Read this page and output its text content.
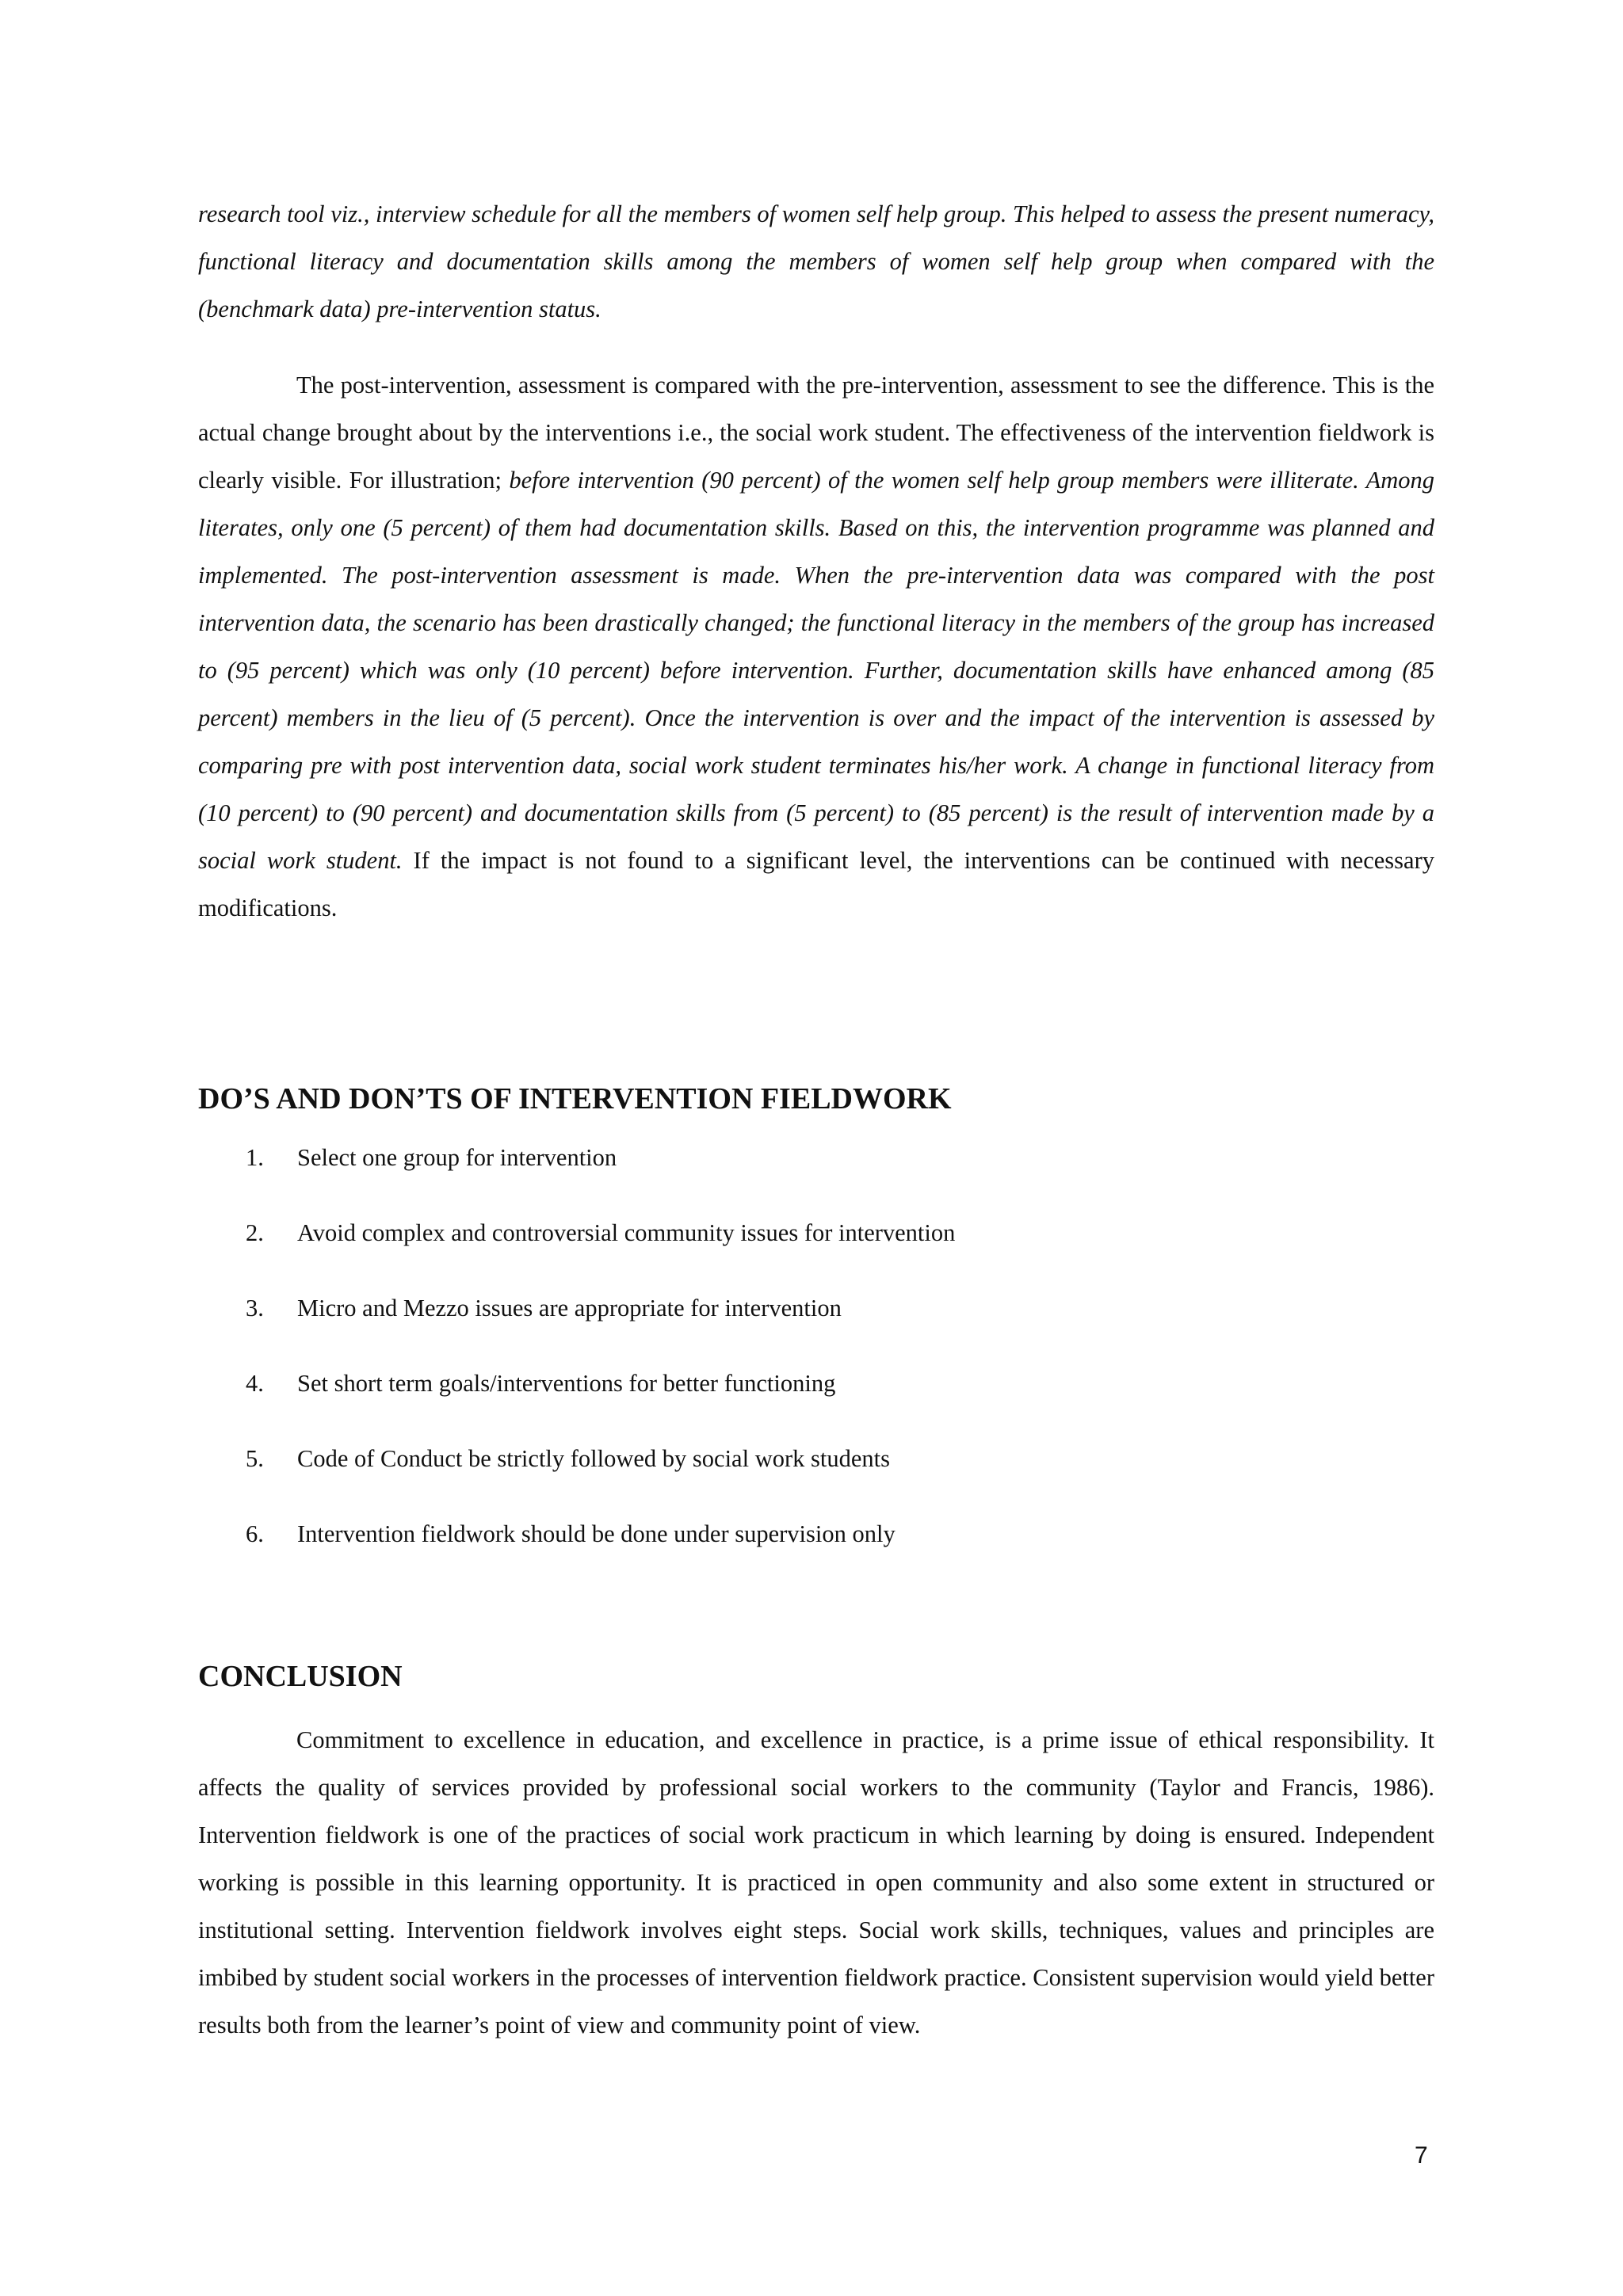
research tool viz., interview schedule for all the members of women self help group. This helped to assess the present numeracy, functional literacy and documentation skills among the members of women self help group when compared with the (benchmark data) pre-intervention status.

The post-intervention, assessment is compared with the pre-intervention, assessment to see the difference. This is the actual change brought about by the interventions i.e., the social work student. The effectiveness of the intervention fieldwork is clearly visible. For illustration; before intervention (90 percent) of the women self help group members were illiterate. Among literates, only one (5 percent) of them had documentation skills. Based on this, the intervention programme was planned and implemented. The post-intervention assessment is made. When the pre-intervention data was compared with the post intervention data, the scenario has been drastically changed; the functional literacy in the members of the group has increased to (95 percent) which was only (10 percent) before intervention. Further, documentation skills have enhanced among (85 percent) members in the lieu of (5 percent). Once the intervention is over and the impact of the intervention is assessed by comparing pre with post intervention data, social work student terminates his/her work. A change in functional literacy from (10 percent) to (90 percent) and documentation skills from (5 percent) to (85 percent) is the result of intervention made by a social work student. If the impact is not found to a significant level, the interventions can be continued with necessary modifications.

DO’S AND DON’TS OF INTERVENTION FIELDWORK
1. Select one group for intervention
2. Avoid complex and controversial community issues for intervention
3. Micro and Mezzo issues are appropriate for intervention
4. Set short term goals/interventions for better functioning
5. Code of Conduct be strictly followed by social work students
6. Intervention fieldwork should be done under supervision only
CONCLUSION

Commitment to excellence in education, and excellence in practice, is a prime issue of ethical responsibility. It affects the quality of services provided by professional social workers to the community (Taylor and Francis, 1986). Intervention fieldwork is one of the practices of social work practicum in which learning by doing is ensured. Independent working is possible in this learning opportunity. It is practiced in open community and also some extent in structured or institutional setting. Intervention fieldwork involves eight steps. Social work skills, techniques, values and principles are imbibed by student social workers in the processes of intervention fieldwork practice. Consistent supervision would yield better results both from the learner’s point of view and community point of view.

7
